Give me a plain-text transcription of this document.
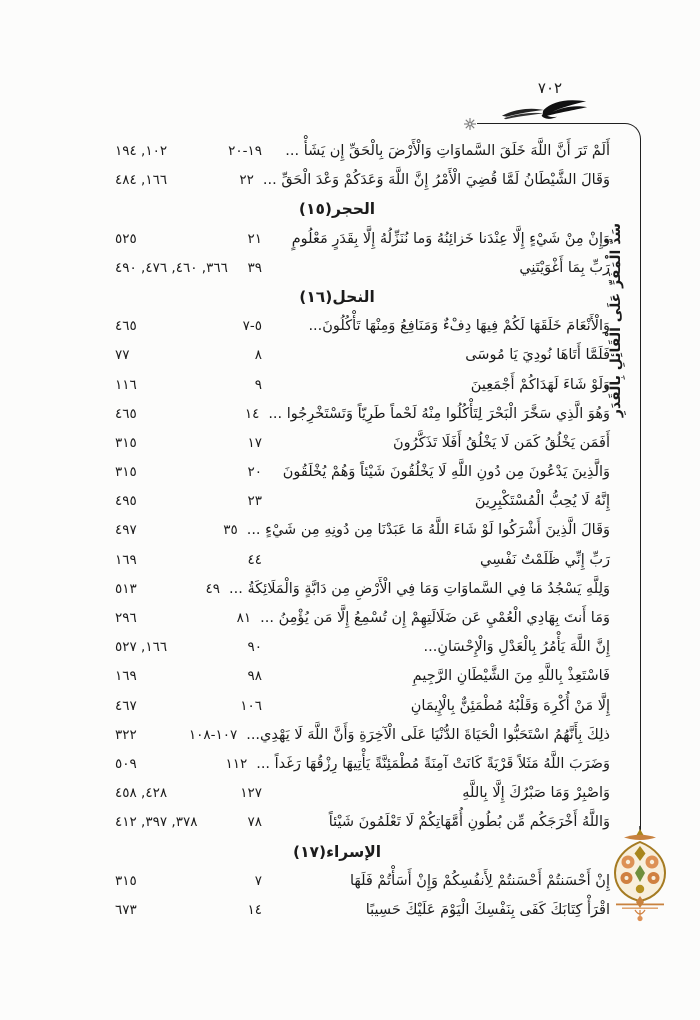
٧٠٢
سَدُّ الْمَفَرِّ عَلَى الْقَائِلِ بِالْقَدَرِ
أَلَمْ تَرَ أَنَّ اللَّهَ خَلَقَ السَّماوَاتِ وَالْأَرْضَ بِالْحَقِّ إِن يَشَأْ ...
١٩-٢٠
١٠٢, ١٩٤
وَقَالَ الشَّيْطَانُ لَمَّا قُضِيَ الْأَمْرُ إِنَّ اللَّهَ وَعَدَكُمْ وَعْدَ الْحَقِّ ...
٢٢
١٦٦, ٤٨٤
الحجر(١٥)
وَإِنْ مِنْ شَيْءٍ إِلَّا عِنْدَنا خَزائِنُهُ وَما نُنَزِّلُهُ إِلَّا بِقَدَرٍ مَعْلُومٍ
٢١
٥٢٥
رَبِّ بِمَا أَغْوَيْتَنِي
٣٩
٣٦٦, ٤٦٠, ٤٧٦, ٤٩٠
النحل(١٦)
وَالْأَنْعَامَ خَلَقَهَا لَكُمْ فِيهَا دِفْءٌ وَمَنَافِعُ وَمِنْهَا تَأْكُلُونَ...
٥-٧
٤٦٥
فَلَمَّا أَتَاهَا نُودِيَ يَا مُوسَى
٨
٧٧
وَلَوْ شَاءَ لَهَدَاكُمْ أَجْمَعِينَ
٩
١١٦
وَهُوَ الَّذِي سَخَّرَ الْبَحْرَ لِتَأْكُلُوا مِنْهُ لَحْماً طَرِيّاً وَتَسْتَخْرِجُوا ...
١٤
٤٦٥
أَفَمَن يَخْلُقُ كَمَن لَا يَخْلُقُ أَفَلَا تَذَكَّرُونَ
١٧
٣١٥
وَالَّذِينَ يَدْعُونَ مِن دُونِ اللَّهِ لَا يَخْلُقُونَ شَيْئاً وَهُمْ يُخْلَقُونَ
٢٠
٣١٥
إِنَّهُ لَا يُحِبُّ الْمُسْتَكْبِرِينَ
٢٣
٤٩٥
وَقَالَ الَّذِينَ أَشْرَكُوا لَوْ شَاءَ اللَّهُ مَا عَبَدْنَا مِن دُونِهِ مِن شَيْءٍ ...
٣٥
٤٩٧
رَبِّ إِنِّي ظَلَمْتُ نَفْسِي
٤٤
١٦٩
وَلِلَّهِ يَسْجُدُ مَا فِي السَّماوَاتِ وَمَا فِي الْأَرْضِ مِن دَابَّةٍ وَالْمَلَائِكَةُ ...
٤٩
٥١٣
وَمَا أَنتَ بِهَادِي الْعُمْيِ عَن ضَلَالَتِهِمْ إِن تُسْمِعُ إِلَّا مَن يُؤْمِنُ ...
٨١
٢٩٦
إِنَّ اللَّهَ يَأْمُرُ بِالْعَدْلِ وَالْإِحْسَانِ...
٩٠
١٦٦, ٥٢٧
فَاسْتَعِذْ بِاللَّهِ مِنَ الشَّيْطَانِ الرَّجِيمِ
٩٨
١٦٩
إِلَّا مَنْ أُكْرِهَ وَقَلْبُهُ مُطْمَئِنٌّ بِالْإِيمَانِ
١٠٦
٤٦٧
ذلِكَ بِأَنَّهُمُ اسْتَحَبُّوا الْحَيَاةَ الدُّنْيَا عَلَى الْآخِرَةِ وَأَنَّ اللَّهَ لَا يَهْدِي...
١٠٧-١٠٨
٣٢٢
وَضَرَبَ اللَّهُ مَثَلاً قَرْيَةً كَانَتْ آمِنَةً مُطْمَئِنَّةً يَأْتِيهَا رِزْقُهَا رَغَداً ...
١١٢
٥٠٩
وَاصْبِرْ وَمَا صَبْرُكَ إِلَّا بِاللَّهِ
١٢٧
٤٢٨, ٤٥٨
وَاللَّهُ أَخْرَجَكُم مِّن بُطُونِ أُمَّهَاتِكُمْ لَا تَعْلَمُونَ شَيْئاً
٧٨
٣٧٨, ٣٩٧, ٤١٢
الإسراء(١٧)
إِنْ أَحْسَنتُمْ أَحْسَنتُمْ لِأَنفُسِكُمْ وَإِنْ أَسَأْتُمْ فَلَهَا
٧
٣١٥
اقْرَأْ كِتَابَكَ كَفَى بِنَفْسِكَ الْيَوْمَ عَلَيْكَ حَسِيبًا
١٤
٦٧٣
